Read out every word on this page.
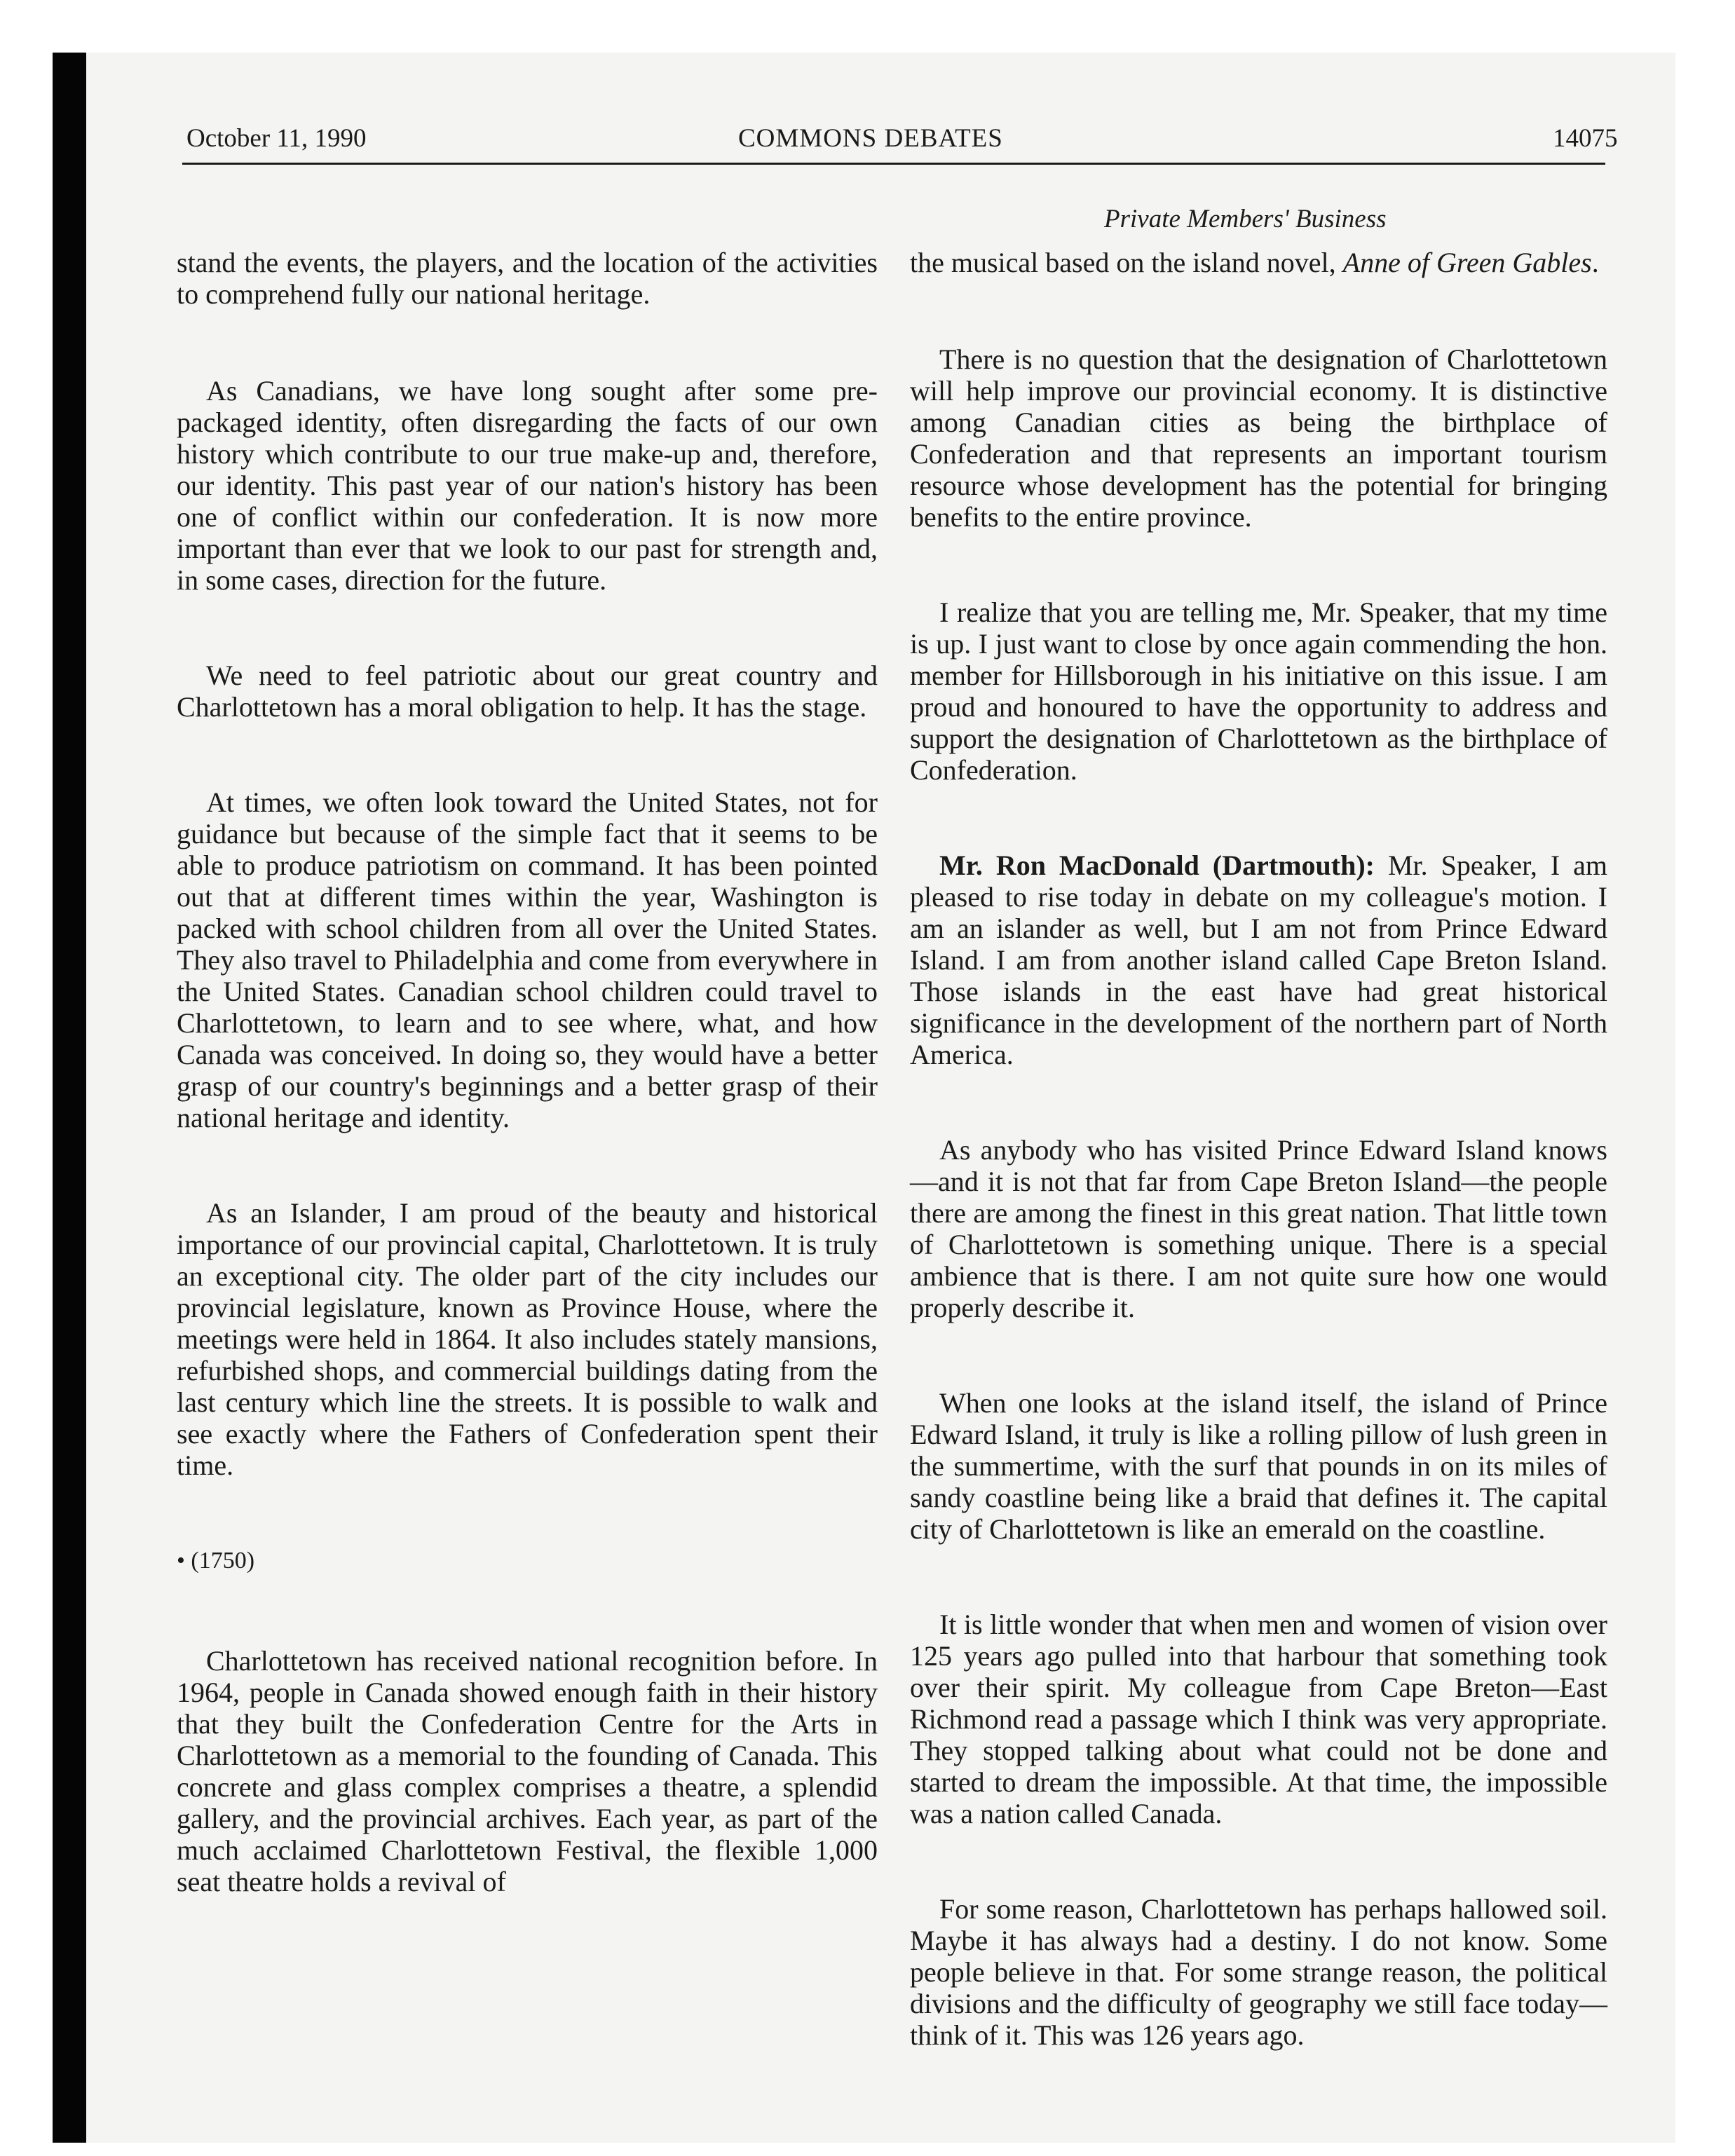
October 11, 1990	COMMONS DEBATES	14075
Private Members' Business

stand the events, the players, and the location of the activities to comprehend fully our national heritage.

As Canadians, we have long sought after some pre-packaged identity, often disregarding the facts of our own history which contribute to our true make-up and, therefore, our identity. This past year of our nation's history has been one of conflict within our confederation. It is now more important than ever that we look to our past for strength and, in some cases, direction for the future.

We need to feel patriotic about our great country and Charlottetown has a moral obligation to help. It has the stage.

At times, we often look toward the United States, not for guidance but because of the simple fact that it seems to be able to produce patriotism on command. It has been pointed out that at different times within the year, Washington is packed with school children from all over the United States. They also travel to Philadelphia and come from everywhere in the United States. Canadian school children could travel to Charlottetown, to learn and to see where, what, and how Canada was conceived. In doing so, they would have a better grasp of our country's beginnings and a better grasp of their national heritage and identity.

As an Islander, I am proud of the beauty and historical importance of our provincial capital, Charlottetown. It is truly an exceptional city. The older part of the city includes our provincial legislature, known as Province House, where the meetings were held in 1864. It also includes stately mansions, refurbished shops, and commercial buildings dating from the last century which line the streets. It is possible to walk and see exactly where the Fathers of Confederation spent their time.

• (1750)

Charlottetown has received national recognition before. In 1964, people in Canada showed enough faith in their history that they built the Confederation Centre for the Arts in Charlottetown as a memorial to the founding of Canada. This concrete and glass complex comprises a theatre, a splendid gallery, and the provincial archives. Each year, as part of the much acclaimed Charlottetown Festival, the flexible 1,000 seat theatre holds a revival of

the musical based on the island novel, Anne of Green Gables.

There is no question that the designation of Charlottetown will help improve our provincial economy. It is distinctive among Canadian cities as being the birthplace of Confederation and that represents an important tourism resource whose development has the potential for bringing benefits to the entire province.

I realize that you are telling me, Mr. Speaker, that my time is up. I just want to close by once again commending the hon. member for Hillsborough in his initiative on this issue. I am proud and honoured to have the opportunity to address and support the designation of Charlottetown as the birthplace of Confederation.

Mr. Ron MacDonald (Dartmouth): Mr. Speaker, I am pleased to rise today in debate on my colleague's motion. I am an islander as well, but I am not from Prince Edward Island. I am from another island called Cape Breton Island. Those islands in the east have had great historical significance in the development of the northern part of North America.

As anybody who has visited Prince Edward Island knows—and it is not that far from Cape Breton Island—the people there are among the finest in this great nation. That little town of Charlottetown is something unique. There is a special ambience that is there. I am not quite sure how one would properly describe it.

When one looks at the island itself, the island of Prince Edward Island, it truly is like a rolling pillow of lush green in the summertime, with the surf that pounds in on its miles of sandy coastline being like a braid that defines it. The capital city of Charlottetown is like an emerald on the coastline.

It is little wonder that when men and women of vision over 125 years ago pulled into that harbour that something took over their spirit. My colleague from Cape Breton—East Richmond read a passage which I think was very appropriate. They stopped talking about what could not be done and started to dream the impossible. At that time, the impossible was a nation called Canada.

For some reason, Charlottetown has perhaps hallowed soil. Maybe it has always had a destiny. I do not know. Some people believe in that. For some strange reason, the political divisions and the difficulty of geography we still face today—think of it. This was 126 years ago.
